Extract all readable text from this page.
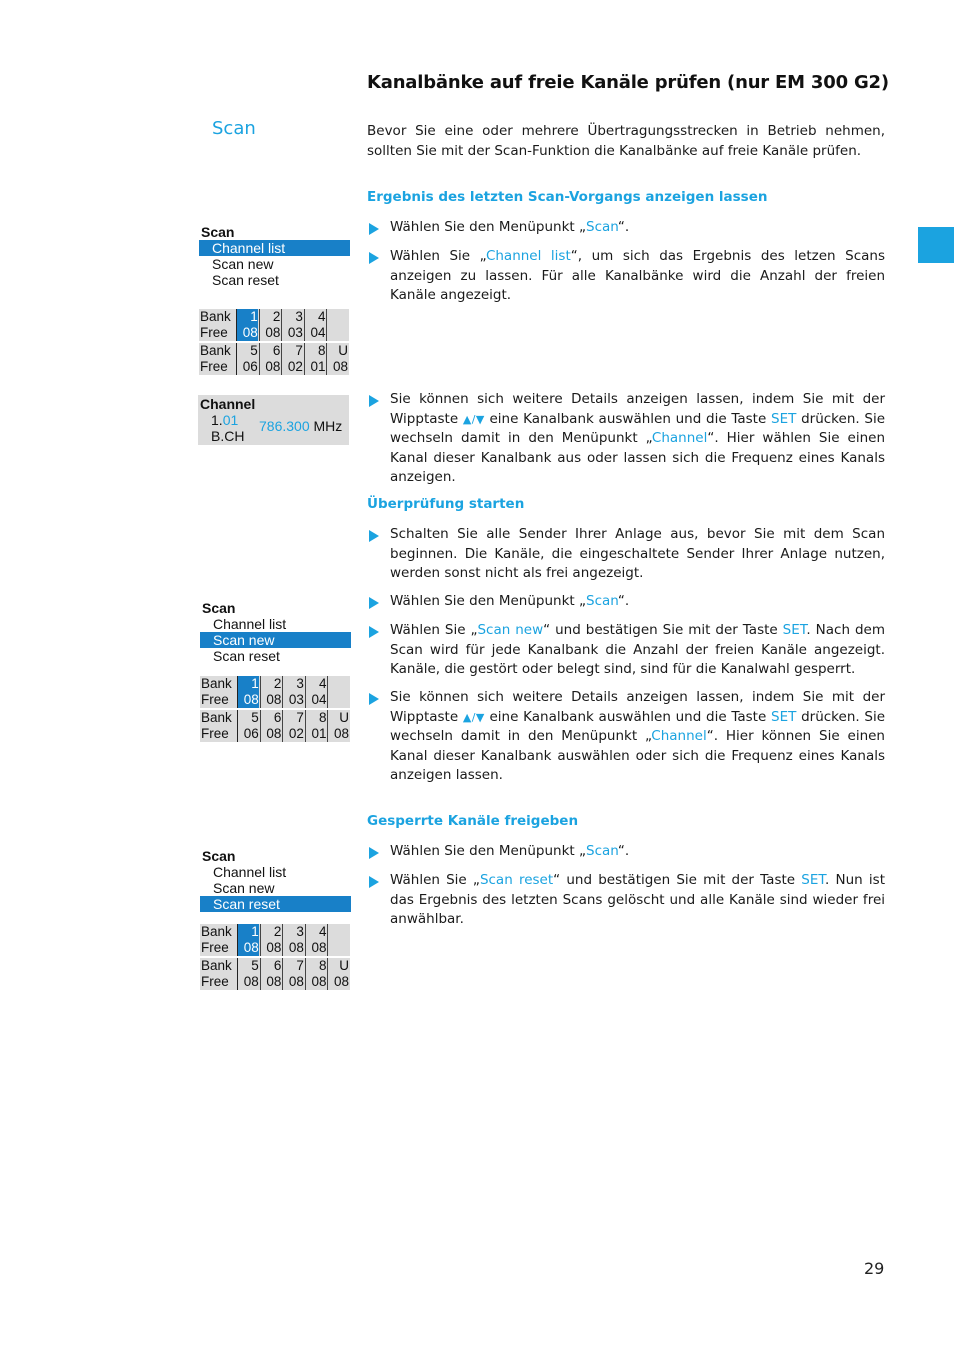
Kanalbänke auf freie Kanäle prüfen (nur EM 300 G2)
Scan	Bevor Sie eine oder mehrere Übertragungsstrecken in Betrieb nehmen, sollten Sie mit der Scan-Funktion die Kanalbänke auf freie Kanäle prüfen.
Ergebnis des letzten Scan-Vorgangs anzeigen lassen
Wählen Sie den Menüpunkt „Scan“.
Wählen Sie „Channel list“, um sich das Ergebnis des letzen Scans anzeigen zu lassen. Für alle Kanalbänke wird die Anzahl der freien Kanäle angezeigt.
Sie können sich weitere Details anzeigen lassen, indem Sie mit der Wipptaste ▲/▼ eine Kanalbank auswählen und die Taste SET drücken. Sie wechseln damit in den Menüpunkt „Channel“. Hier wählen Sie einen Kanal dieser Kanalbank aus oder lassen sich die Frequenz eines Kanals anzeigen.
Überprüfung starten
Schalten Sie alle Sender Ihrer Anlage aus, bevor Sie mit dem Scan beginnen. Die Kanäle, die eingeschaltete Sender Ihrer Anlage nutzen, werden sonst nicht als frei angezeigt.
Wählen Sie den Menüpunkt „Scan“.
Wählen Sie „Scan new“ und bestätigen Sie mit der Taste SET. Nach dem Scan wird für jede Kanalbank die Anzahl der freien Kanäle angezeigt. Kanäle, die gestört oder belegt sind, sind für die Kanalwahl gesperrt.
Sie können sich weitere Details anzeigen lassen, indem Sie mit der Wipptaste ▲/▼ eine Kanalbank auswählen und die Taste SET drücken. Sie wechseln damit in den Menüpunkt „Channel“. Hier können Sie einen Kanal dieser Kanalbank auswählen oder sich die Frequenz eines Kanals anzeigen lassen.
Gesperrte Kanäle freigeben
Wählen Sie den Menüpunkt „Scan“.
Wählen Sie „Scan reset“ und bestätigen Sie mit der Taste SET. Nun ist das Ergebnis des letzten Scans gelöscht und alle Kanäle sind wieder frei anwählbar.
Scan
Channel list
Scan new
Scan reset
Bank
Free
1
08
2
08
3
03
4
04
Bank
Free
5
06
6
08
7
02
8
01
U
08
Channel
1.01
B.CH
786.300 MHz
Scan
Channel list
Scan new
Scan reset
Bank
Free
1
08
2
08
3
03
4
04
Bank
Free
5
06
6
08
7
02
8
01
U
08
Scan
Channel list
Scan new
Scan reset
Bank
Free
1
08
2
08
3
08
4
08
Bank
Free
5
08
6
08
7
08
8
08
U
08
29
